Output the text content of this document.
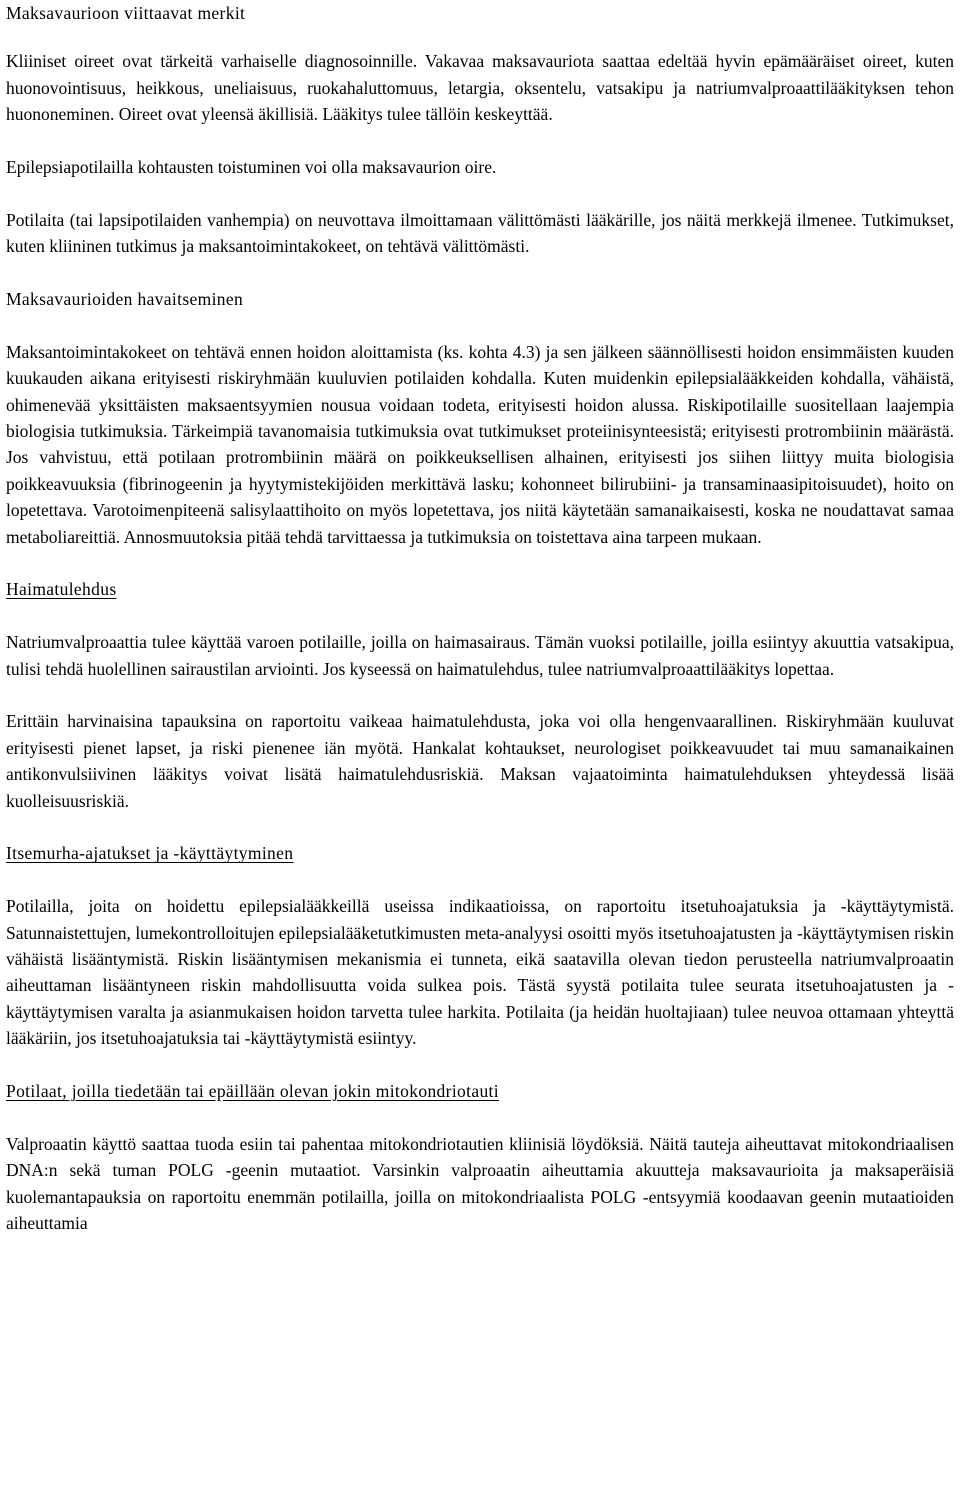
Maksavaurioon viittaavat merkit

Kliiniset oireet ovat tärkeitä varhaiselle diagnosoinnille. Vakavaa maksavauriota saattaa edeltää hyvin epämääräiset oireet, kuten huonovointisuus, heikkous, uneliaisuus, ruokahaluttomuus, letargia, oksentelu, vatsakipu ja natriumvalproaattilääkityksen tehon huononeminen. Oireet ovat yleensä äkillisiä. Lääkitys tulee tällöin keskeyttää.

Epilepsiapotilailla kohtausten toistuminen voi olla maksavaurion oire.

Potilaita (tai lapsipotilaiden vanhempia) on neuvottava ilmoittamaan välittömästi lääkärille, jos näitä merkkejä ilmenee. Tutkimukset, kuten kliininen tutkimus ja maksantoimintakokeet, on tehtävä välittömästi.

Maksavaurioiden havaitseminen

Maksantoimintakokeet on tehtävä ennen hoidon aloittamista (ks. kohta 4.3) ja sen jälkeen säännöllisesti hoidon ensimmäisten kuuden kuukauden aikana erityisesti riskiryhmään kuuluvien potilaiden kohdalla. Kuten muidenkin epilepsialääkkeiden kohdalla, vähäistä, ohimenevää yksittäisten maksaentsyymien nousua voidaan todeta, erityisesti hoidon alussa. Riskipotilaille suositellaan laajempia biologisia tutkimuksia. Tärkeimpiä tavanomaisia tutkimuksia ovat tutkimukset proteiinisynteesistä; erityisesti protrombiinin määrästä. Jos vahvistuu, että potilaan protrombiinin määrä on poikkeuksellisen alhainen, erityisesti jos siihen liittyy muita biologisia poikkeavuuksia (fibrinogeenin ja hyytymistekijöiden merkittävä lasku; kohonneet bilirubiini- ja transaminaasipitoisuudet), hoito on lopetettava. Varotoimenpiteenä salisylaattihoito on myös lopetettava, jos niitä käytetään samanaikaisesti, koska ne noudattavat samaa metaboliareittiä. Annosmuutoksia pitää tehdä tarvittaessa ja tutkimuksia on toistettava aina tarpeen mukaan.

Haimatulehdus

Natriumvalproaattia tulee käyttää varoen potilaille, joilla on haimasairaus. Tämän vuoksi potilaille, joilla esiintyy akuuttia vatsakipua, tulisi tehdä huolellinen sairaustilan arviointi. Jos kyseessä on haimatulehdus, tulee natriumvalproaattilääkitys lopettaa.

Erittäin harvinaisina tapauksina on raportoitu vaikeaa haimatulehdusta, joka voi olla hengenvaarallinen. Riskiryhmään kuuluvat erityisesti pienet lapset, ja riski pienenee iän myötä. Hankalat kohtaukset, neurologiset poikkeavuudet tai muu samanaikainen antikonvulsiivinen lääkitys voivat lisätä haimatulehdusriskiä. Maksan vajaatoiminta haimatulehduksen yhteydessä lisää kuolleisuusriskiä.

Itsemurha-ajatukset ja -käyttäytyminen

Potilailla, joita on hoidettu epilepsialääkkeillä useissa indikaatioissa, on raportoitu itsetuhoajatuksia ja -käyttäytymistä. Satunnaistettujen, lumekontrolloitujen epilepsialääketutkimusten meta-analyysi osoitti myös itsetuhoajatusten ja -käyttäytymisen riskin vähäistä lisääntymistä. Riskin lisääntymisen mekanismia ei tunneta, eikä saatavilla olevan tiedon perusteella natriumvalproaatin aiheuttaman lisääntyneen riskin mahdollisuutta voida sulkea pois. Tästä syystä potilaita tulee seurata itsetuhoajatusten ja -käyttäytymisen varalta ja asianmukaisen hoidon tarvetta tulee harkita. Potilaita (ja heidän huoltajiaan) tulee neuvoa ottamaan yhteyttä lääkäriin, jos itsetuhoajatuksia tai -käyttäytymistä esiintyy.

Potilaat, joilla tiedetään tai epäillään olevan jokin mitokondriotauti

Valproaatin käyttö saattaa tuoda esiin tai pahentaa mitokondriotautien kliinisiä löydöksiä. Näitä tauteja aiheuttavat mitokondriaalisen DNA:n sekä tuman POLG -geenin mutaatiot. Varsinkin valproaatin aiheuttamia akuutteja maksavaurioita ja maksaperäisiä kuolemantapauksia on raportoitu enemmän potilailla, joilla on mitokondriaalista POLG -entsyymiä koodaavan geenin mutaatioiden aiheuttamia
